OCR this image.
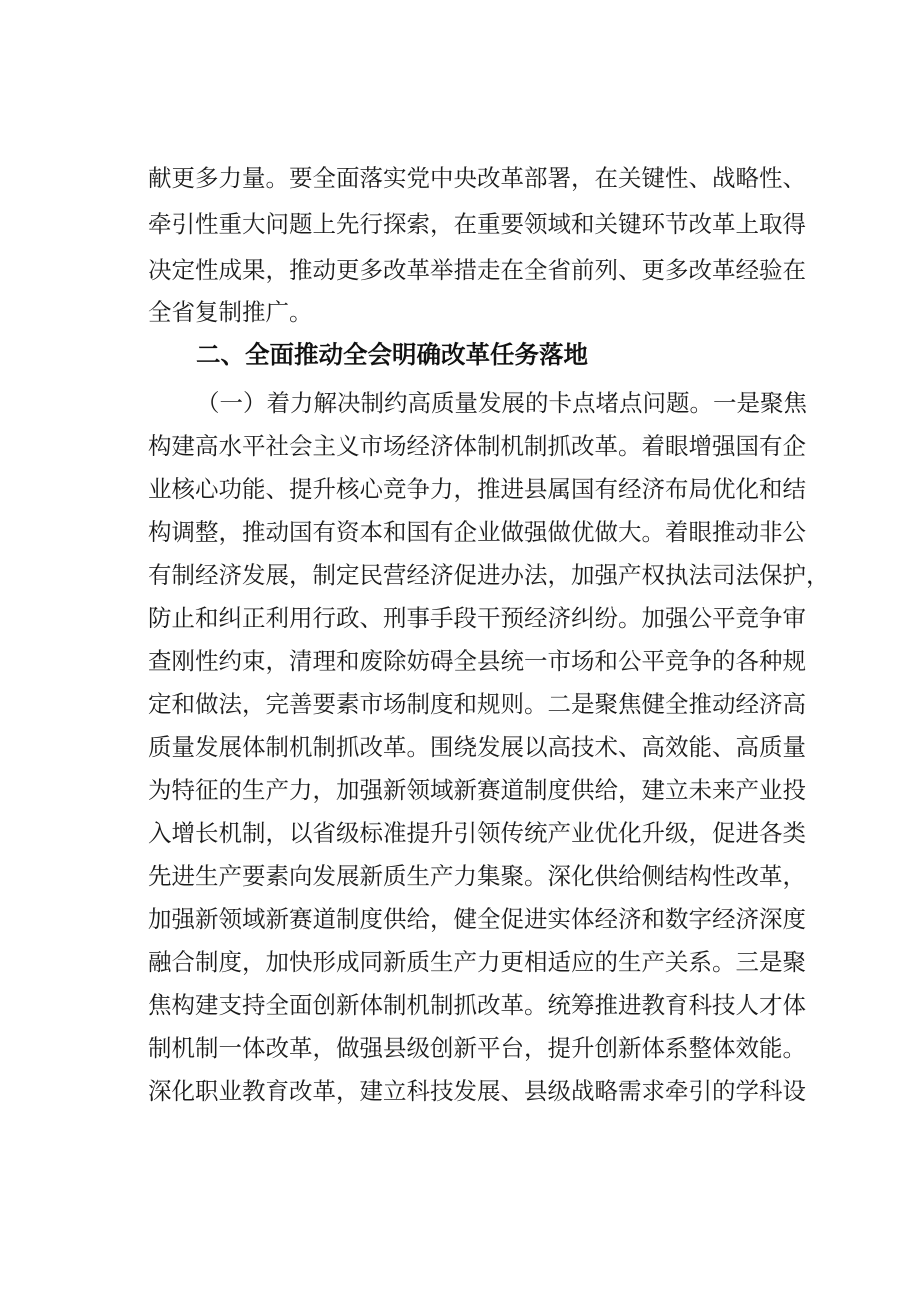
献更多力量。要全面落实党中央改革部署，在关键性、战略性、

牵引性重大问题上先行探索，在重要领域和关键环节改革上取得

决定性成果，推动更多改革举措走在全省前列、更多改革经验在

全省复制推广。

二、全面推动全会明确改革任务落地

（一）着力解决制约高质量发展的卡点堵点问题。一是聚焦

构建高水平社会主义市场经济体制机制抓改革。着眼增强国有企

业核心功能、提升核心竞争力，推进县属国有经济布局优化和结

构调整，推动国有资本和国有企业做强做优做大。着眼推动非公

有制经济发展，制定民营经济促进办法，加强产权执法司法保护，

防止和纠正利用行政、刑事手段干预经济纠纷。加强公平竞争审

查刚性约束，清理和废除妨碍全县统一市场和公平竞争的各种规

定和做法，完善要素市场制度和规则。二是聚焦健全推动经济高

质量发展体制机制抓改革。围绕发展以高技术、高效能、高质量

为特征的生产力，加强新领域新赛道制度供给，建立未来产业投

入增长机制，以省级标准提升引领传统产业优化升级，促进各类

先进生产要素向发展新质生产力集聚。深化供给侧结构性改革，

加强新领域新赛道制度供给，健全促进实体经济和数字经济深度

融合制度，加快形成同新质生产力更相适应的生产关系。三是聚

焦构建支持全面创新体制机制抓改革。统筹推进教育科技人才体

制机制一体改革，做强县级创新平台，提升创新体系整体效能。

深化职业教育改革，建立科技发展、县级战略需求牵引的学科设
